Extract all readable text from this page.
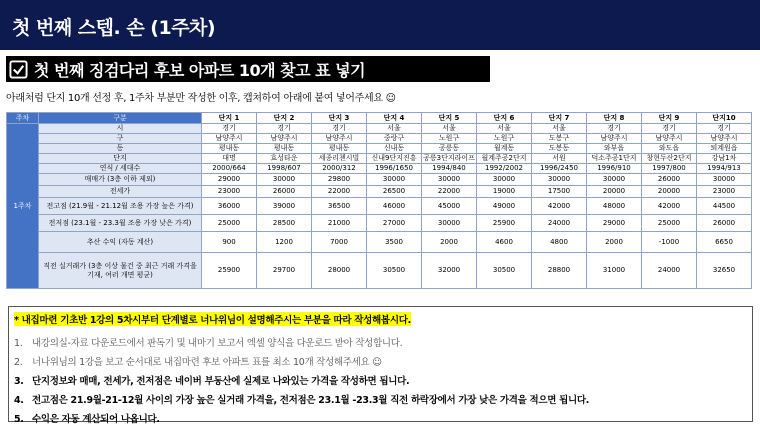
첫 번째 스텝. 손 (1주차)
첫 번째 징검다리 후보 아파트 10개 찾고 표 넣기
아래처럼 단지 10개 선정 후, 1주차 부분만 작성한 이후, 캡쳐하여 아래에 붙여 넣어주세요 ☺
주차	구분	단지 1	단지 2	단지 3	단지 4	단지 5	단지 6	단지 7	단지 8	단지 9	단지10
1주차	시	경기	경기	경기	서울	서울	서울	서울	경기	경기	경기
	구	남양주시	남양주시	남양주시	중랑구	노원구	노원구	도봉구	남양주시	남양주시	남양주시
	동	평내동	평내동	평내동	신내동	공릉동	월계동	도봉동	와부읍	와도읍	퇴계원읍
	단지	대명	효성타운	세종리첸시빌	신내9단지진흥	공릉3단지라이프	월계주공2단지	서원	덕소주공1단지	창현두산2단지	강남1차
	연식 / 세대수	2000/664	1998/607	2000/312	1996/1650	1994/840	1992/2002	1996/2450	1996/910	1997/800	1994/913
	매매가 (3층 이하 제외)	29000	30000	29800	30000	30000	30000	30000	30000	26000	30000
	전세가	23000	26000	22000	26500	22000	19000	17500	20000	20000	23000
	전고점 (21.9월 - 21.12월 조용 가장 높은 가격)	36000	39000	36500	46000	45000	49000	42000	48000	42000	44500
	전저점 (23.1월 - 23.3월 조용 가장 낮은 가격)	25000	28500	21000	27000	30000	25900	24000	29000	25000	26000
	추산 수익 (자동 계산)	900	1200	7000	3500	2000	4600	4800	2000	-1000	6650
	직전 실거래가 (3층 이상 물건 중 최근 거래 가격을 기재, 여러 개면 평균)	25900	29700	28000	30500	32000	30500	28800	31000	24000	32650
* 내집마련 기초반 1강의 5차시부터 단계별로 너나위님이 설명해주시는 부분을 따라 작성해봅시다.
1. 내강의실-자료 다운로드에서 판독기 및 내마기 보고서 엑셀 양식을 다운로드 받아 작성합니다.
2. 너나위님의 1강을 보고 순서대로 내집마련 후보 아파트 표를 최소 10개 작성해주세요 ☺
3. 단지정보와 매매, 전세가, 전저점은 네이버 부동산에 실제로 나와있는 가격을 작성하면 됩니다.
4. 전고점은 21.9월-21-12월 사이의 가장 높은 실거래 가격을, 전저점은 23.1월 -23.3월 직전 하락장에서 가장 낮은 가격을 적으면 됩니다.
5. 수익은 자동 계산되어 나옵니다.
